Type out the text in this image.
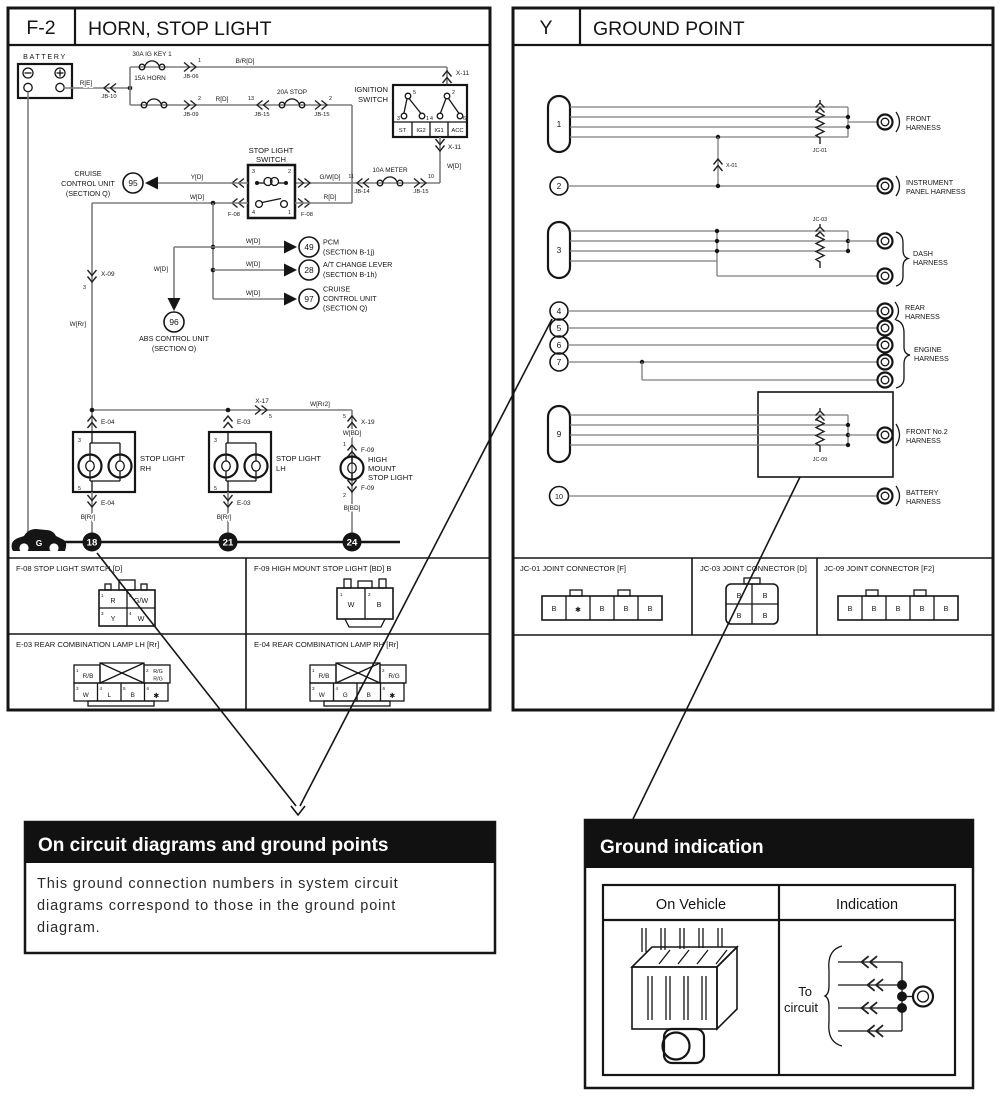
F-2 HORN, STOP LIGHT
BATTERY
R[E]
JB-10
30A IG KEY 1
15A HORN
1
JB-06
B/R[D]
2
JB-09
R[D]	13
JB-15
20A STOP
2
JB-15
IGNITION
SWITCH
X-11
5	2
3	1 4	6
ST IG2 IG1 ACC
X-11
W[D]
G/W[D] 11
JB-14
10A METER
10
JB-15
STOP LIGHT
SWITCH
3	2
4	1
F-08	F-08
R[D]
Y[D]
95
CRUISE
CONTROL UNIT
(SECTION Q)	W[D]
W[D]
49 PCM
(SECTION B-1j)
W[D]
28
A/T CHANGE LEVER
(SECTION B-1h)
W[D]
97
CRUISE
CONTROL UNIT
(SECTION Q)
W[D]
96
ABS CONTROL UNIT
(SECTION O)
X-09
3
W[Rr]
X-17
5
W[Rr2]
E-04
3
5
STOP LIGHT
RH
E-04
B[Rr]
E-03
3
5
STOP LIGHT
LH
E-03
B[Rr]
X-19
5
W[BD]
1
F-09
HIGH
MOUNT
STOP LIGHT
F-09
2
B[BD]
G	18	21	24
F-08 STOP LIGHT SWITCH [D]
1
R
2
G/W
3
Y
4
W
F-09 HIGH MOUNT STOP LIGHT [BD] B
1
W
2
B
E-03 REAR COMBINATION LAMP LH [Rr]
1
R/B
2 R/G
R/G
3
W
4
L
5
B
6
✱
E-04 REAR COMBINATION LAMP RH [Rr]
1
R/B
2
R/G
3
W
4
G
5
B
6
✱
Y GROUND POINT
1
JC-01
FRONT
HARNESS
X-01
2	INSTRUMENT
PANEL HARNESS
3
JC-03
DASH
HARNESS
4	REAR
HARNESS
5
6
7
ENGINE
HARNESS
9
JC-09
FRONT No.2
HARNESS
10	BATTERY
HARNESS
JC-01 JOINT CONNECTOR [F]
B	✱	B	B	B
JC-03 JOINT CONNECTOR [D]
B	B
B	B
JC-09 JOINT CONNECTOR [F2]
B	B	B	B	B
On circuit diagrams and ground points
This ground connection numbers in system circuit
diagrams correspond to those in the ground point
diagram.
Ground indication
On Vehicle	Indication
To
circuit
